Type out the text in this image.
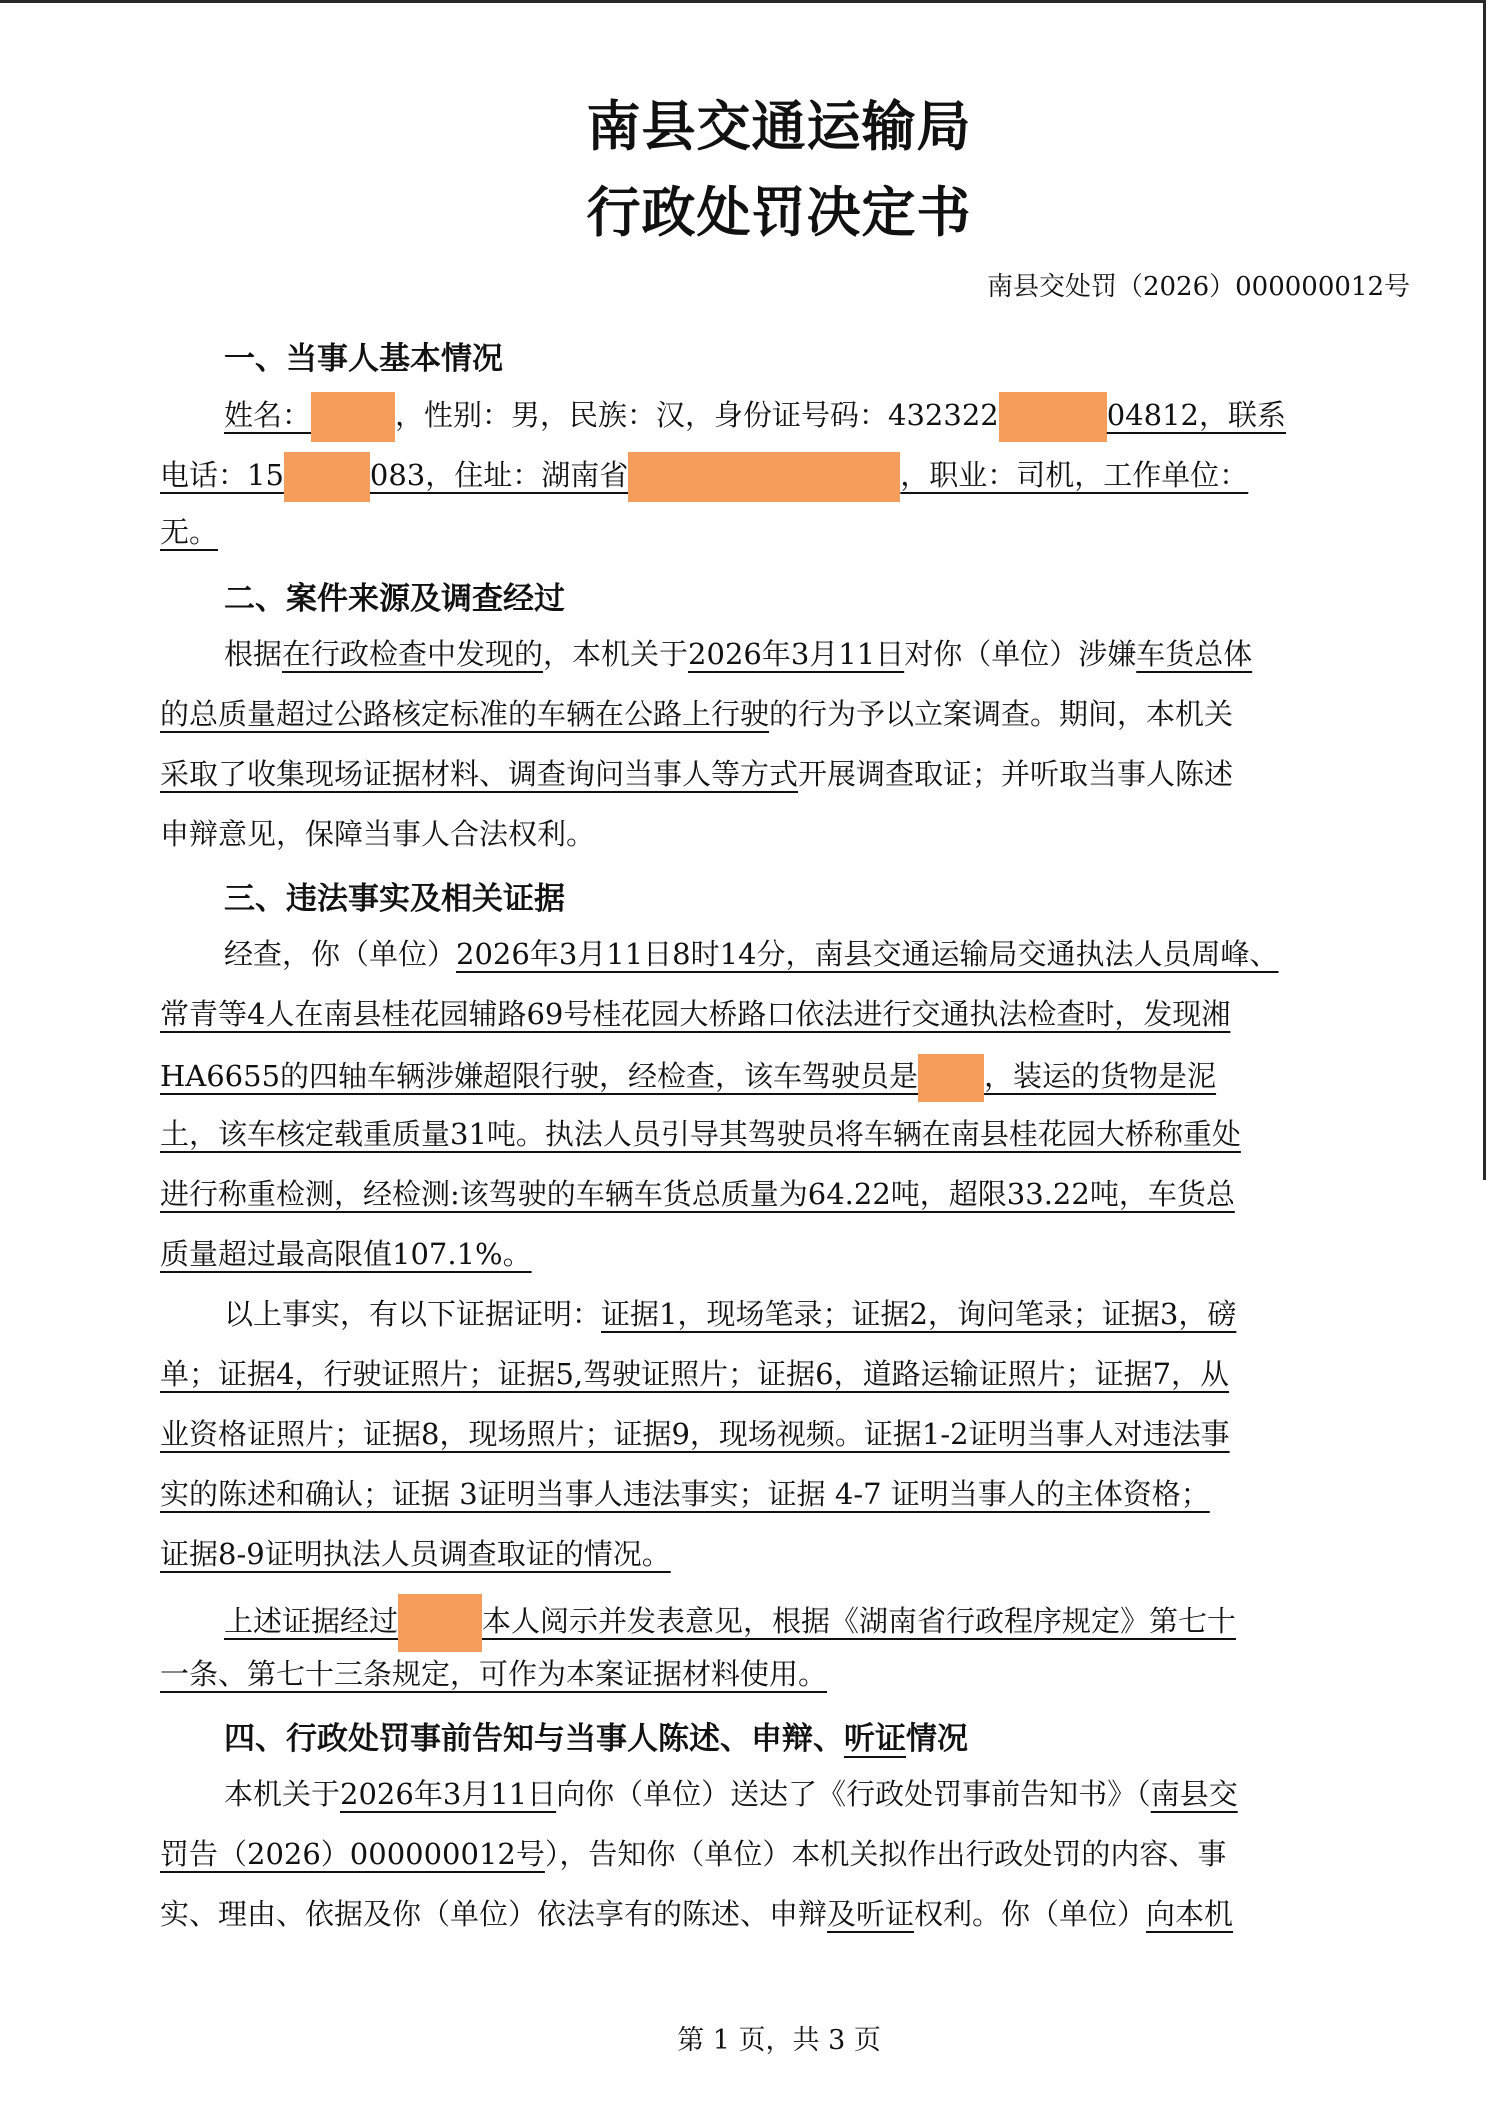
南县交通运输局
行政处罚决定书
南县交处罚（2026）000000012号
一、当事人基本情况
姓名：	，性别：男，民族：汉，身份证号码：432322	04812，联系
电话：15	083，住址：湖南省	，职业：司机，工作单位：
无。
二、案件来源及调查经过
根据在行政检查中发现的，本机关于2026年3月11日对你（单位）涉嫌车货总体
的总质量超过公路核定标准的车辆在公路上行驶的行为予以立案调查。期间，本机关
采取了收集现场证据材料、调查询问当事人等方式开展调查取证；并听取当事人陈述
申辩意见，保障当事人合法权利。
三、违法事实及相关证据
经查，你（单位）2026年3月11日8时14分，南县交通运输局交通执法人员周峰、
常青等4人在南县桂花园辅路69号桂花园大桥路口依法进行交通执法检查时，发现湘
HA6655的四轴车辆涉嫌超限行驶，经检查，该车驾驶员是 ，装运的货物是泥
土，该车核定载重质量31吨。执法人员引导其驾驶员将车辆在南县桂花园大桥称重处
进行称重检测，经检测:该驾驶的车辆车货总质量为64.22吨，超限33.22吨，车货总
质量超过最高限值107.1%。
以上事实，有以下证据证明：证据1，现场笔录；证据2，询问笔录；证据3，磅
单；证据4，行驶证照片；证据5,驾驶证照片；证据6，道路运输证照片；证据7，从
业资格证照片；证据8，现场照片；证据9，现场视频。证据1-2证明当事人对违法事
实的陈述和确认；证据 3证明当事人违法事实；证据 4-7 证明当事人的主体资格；
证据8-9证明执法人员调查取证的情况。
上述证据经过	本人阅示并发表意见，根据《湖南省行政程序规定》第七十
一条、第七十三条规定，可作为本案证据材料使用。
四、行政处罚事前告知与当事人陈述、申辩、听证情况
本机关于2026年3月11日向你（单位）送达了《行政处罚事前告知书》（南县交
罚告（2026）000000012号），告知你（单位）本机关拟作出行政处罚的内容、事
实、理由、依据及你（单位）依法享有的陈述、申辩及听证权利。你（单位）向本机
第 1 页，共 3 页
